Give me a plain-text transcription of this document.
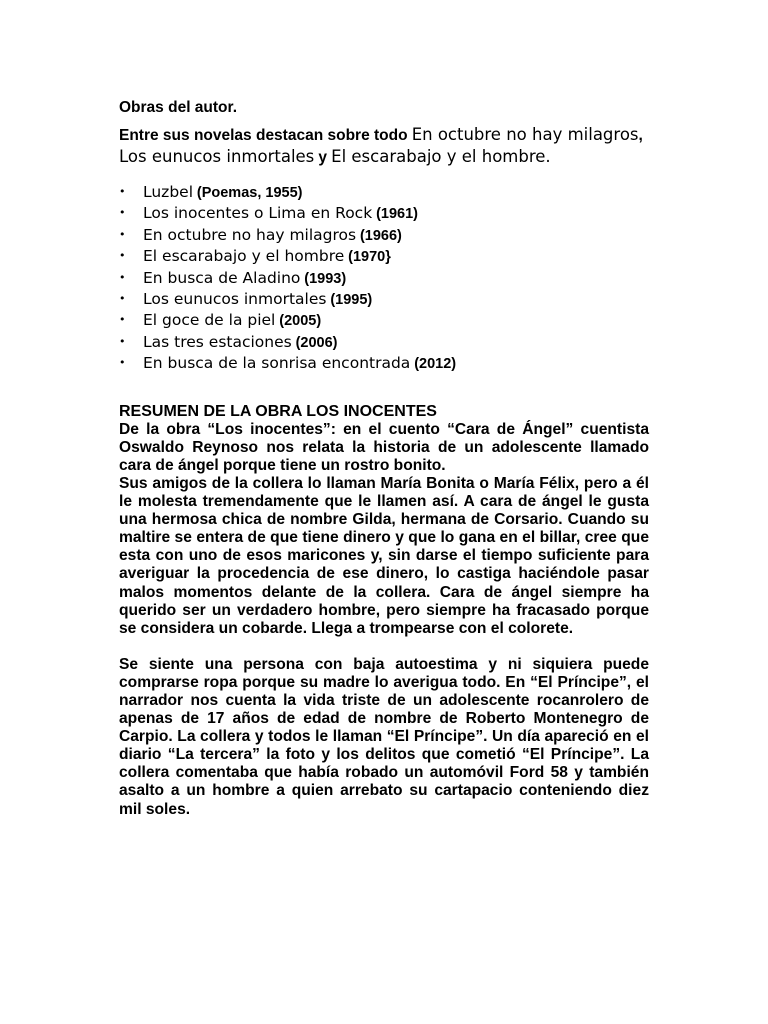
Obras del autor.

Entre sus novelas destacan sobre todo En octubre no hay milagros, Los eunucos inmortales y El escarabajo y el hombre.

• Luzbel (Poemas, 1955)
• Los inocentes o Lima en Rock (1961)
• En octubre no hay milagros (1966)
• El escarabajo y el hombre (1970}
• En busca de Aladino (1993)
• Los eunucos inmortales (1995)
• El goce de la piel (2005)
• Las tres estaciones (2006)
• En busca de la sonrisa encontrada (2012)
RESUMEN DE LA OBRA LOS INOCENTES

De la obra “Los inocentes”: en el cuento “Cara de Ángel” cuentista Oswaldo Reynoso nos relata la historia de un adolescente llamado cara de ángel porque tiene un rostro bonito.

Sus amigos de la collera lo llaman María Bonita o María Félix, pero a él le molesta tremendamente que le llamen así. A cara de ángel le gusta una hermosa chica de nombre Gilda, hermana de Corsario. Cuando su maltire se entera de que tiene dinero y que lo gana en el billar, cree que esta con uno de esos maricones y, sin darse el tiempo suficiente para averiguar la procedencia de ese dinero, lo castiga haciéndole pasar malos momentos delante de la collera. Cara de ángel siempre ha querido ser un verdadero hombre, pero siempre ha fracasado porque se considera un cobarde. Llega a trompearse con el colorete.

Se siente una persona con baja autoestima y ni siquiera puede comprarse ropa porque su madre lo averigua todo. En “El Príncipe”, el narrador nos cuenta la vida triste de un adolescente rocanrolero de apenas de 17 años de edad de nombre de Roberto Montenegro de Carpio. La collera y todos le llaman “El Príncipe”. Un día apareció en el diario “La tercera” la foto y los delitos que cometió “El Príncipe”. La collera comentaba que había robado un automóvil Ford 58 y también asalto a un hombre a quien arrebato su cartapacio conteniendo diez mil soles.
